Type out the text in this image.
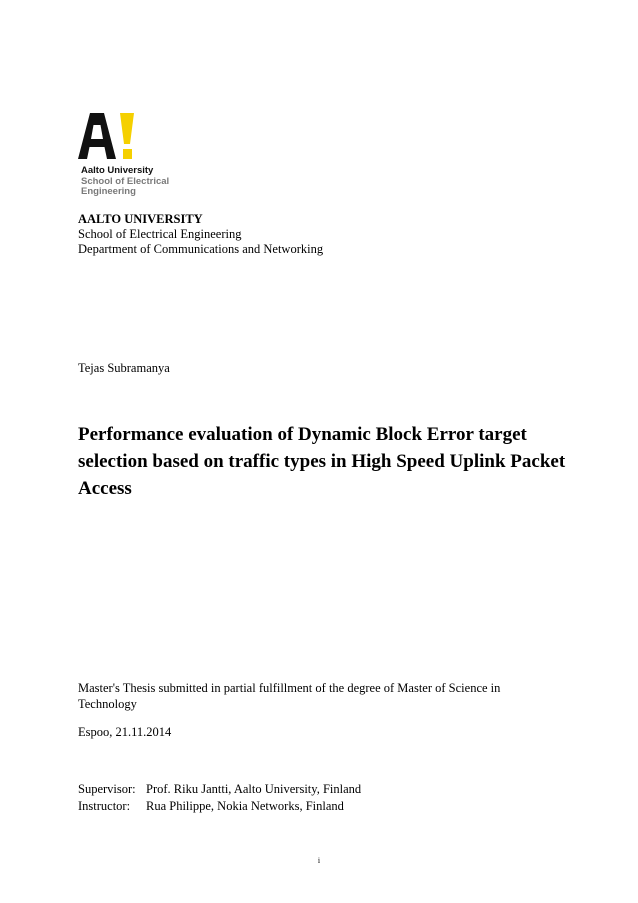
Aalto University
School of Electrical
Engineering
AALTO UNIVERSITY
School of Electrical Engineering
Department of Communications and Networking
Tejas Subramanya
Performance evaluation of Dynamic Block Error target selection based on traffic types in High Speed Uplink Packet Access
Master's Thesis submitted in partial fulfillment of the degree of Master of Science in Technology
Espoo, 21.11.2014
Supervisor: Prof. Riku Jantti, Aalto University, Finland
Instructor:	Rua Philippe, Nokia Networks, Finland
i
